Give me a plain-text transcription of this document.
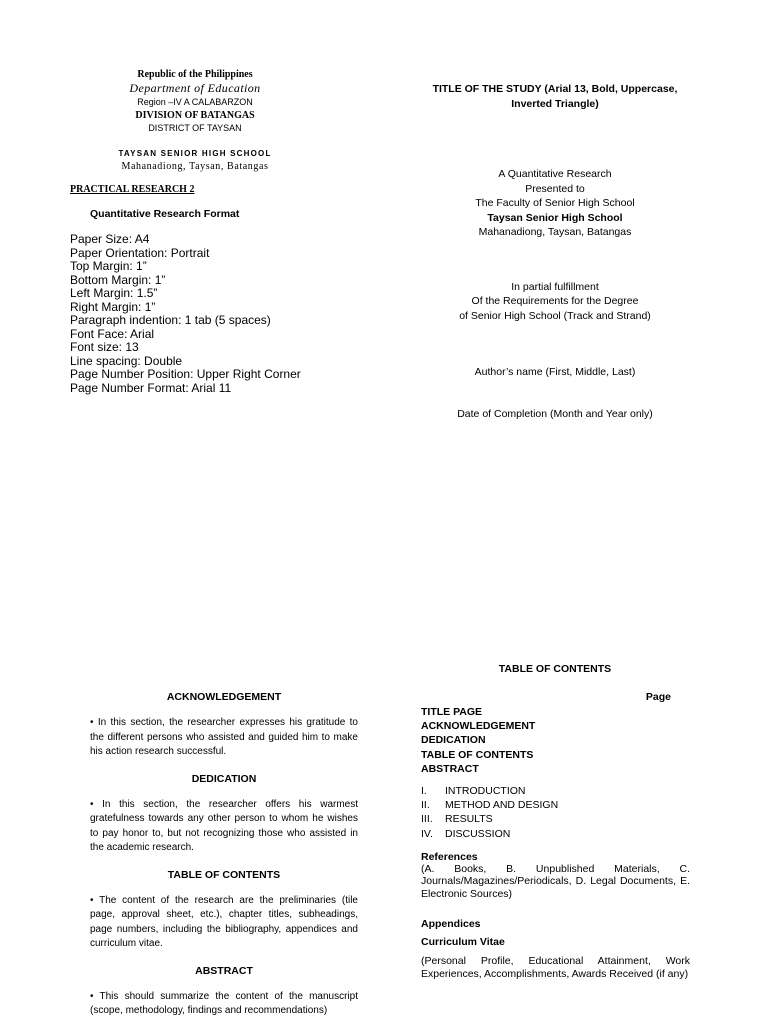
Republic of the Philippines
Department of Education
Region –IV A CALABARZON
DIVISION OF BATANGAS
DISTRICT OF TAYSAN
TAYSAN SENIOR HIGH SCHOOL
Mahanadiong, Taysan, Batangas
PRACTICAL RESEARCH 2
Quantitative Research Format
Paper Size: A4
Paper Orientation: Portrait
Top Margin: 1”
Bottom Margin: 1”
Left Margin: 1.5”
Right Margin: 1”
Paragraph indention: 1 tab (5 spaces)
Font Face: Arial
Font size: 13
Line spacing: Double
Page Number Position: Upper Right Corner
Page Number Format: Arial 11
TITLE OF THE STUDY (Arial 13, Bold, Uppercase,
Inverted Triangle)
A Quantitative Research
Presented to
The Faculty of Senior High School
Taysan Senior High School
Mahanadiong, Taysan, Batangas
In partial fulfillment
Of the Requirements for the Degree
of Senior High School (Track and Strand)
Author’s name (First, Middle, Last)
Date of Completion (Month and Year only)
ACKNOWLEDGEMENT
• In this section, the researcher expresses his gratitude to the different persons who assisted and guided him to make his action research successful.
DEDICATION
• In this section, the researcher offers his warmest gratefulness towards any other person to whom he wishes to pay honor to, but not recognizing those who assisted in the academic research.
TABLE OF CONTENTS
• The content of the research are the preliminaries (tile page, approval sheet, etc.), chapter titles, subheadings, page numbers, including the bibliography, appendices and curriculum vitae.
ABSTRACT
• This should summarize the content of the manuscript (scope, methodology, findings and recommendations)
TABLE OF CONTENTS
Page
TITLE PAGE
ACKNOWLEDGEMENT
DEDICATION
TABLE OF CONTENTS
ABSTRACT
I. INTRODUCTION
II. METHOD AND DESIGN
III. RESULTS
IV. DISCUSSION
References
(A. Books, B. Unpublished Materials, C. Journals/Magazines/Periodicals, D. Legal Documents, E. Electronic Sources)
Appendices
Curriculum Vitae
(Personal Profile, Educational Attainment, Work Experiences, Accomplishments, Awards Received (if any)
